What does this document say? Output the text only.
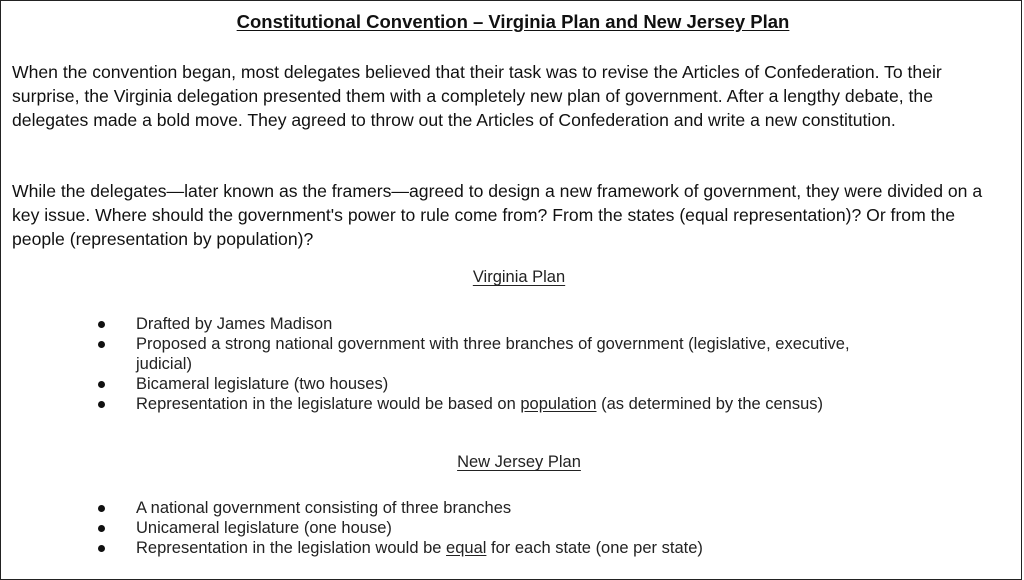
Constitutional Convention – Virginia Plan and New Jersey Plan

When the convention began, most delegates believed that their task was to revise the Articles of Confederation. To their surprise, the Virginia delegation presented them with a completely new plan of government. After a lengthy debate, the delegates made a bold move. They agreed to throw out the Articles of Confederation and write a new constitution.

While the delegates—later known as the framers—agreed to design a new framework of government, they were divided on a key issue. Where should the government's power to rule come from? From the states (equal representation)? Or from the people (representation by population)?

Virginia Plan
Drafted by James Madison
Proposed a strong national government with three branches of government (legislative, executive, judicial)
Bicameral legislature (two houses)
Representation in the legislature would be based on population (as determined by the census)
New Jersey Plan
A national government consisting of three branches
Unicameral legislature (one house)
Representation in the legislation would be equal for each state (one per state)
